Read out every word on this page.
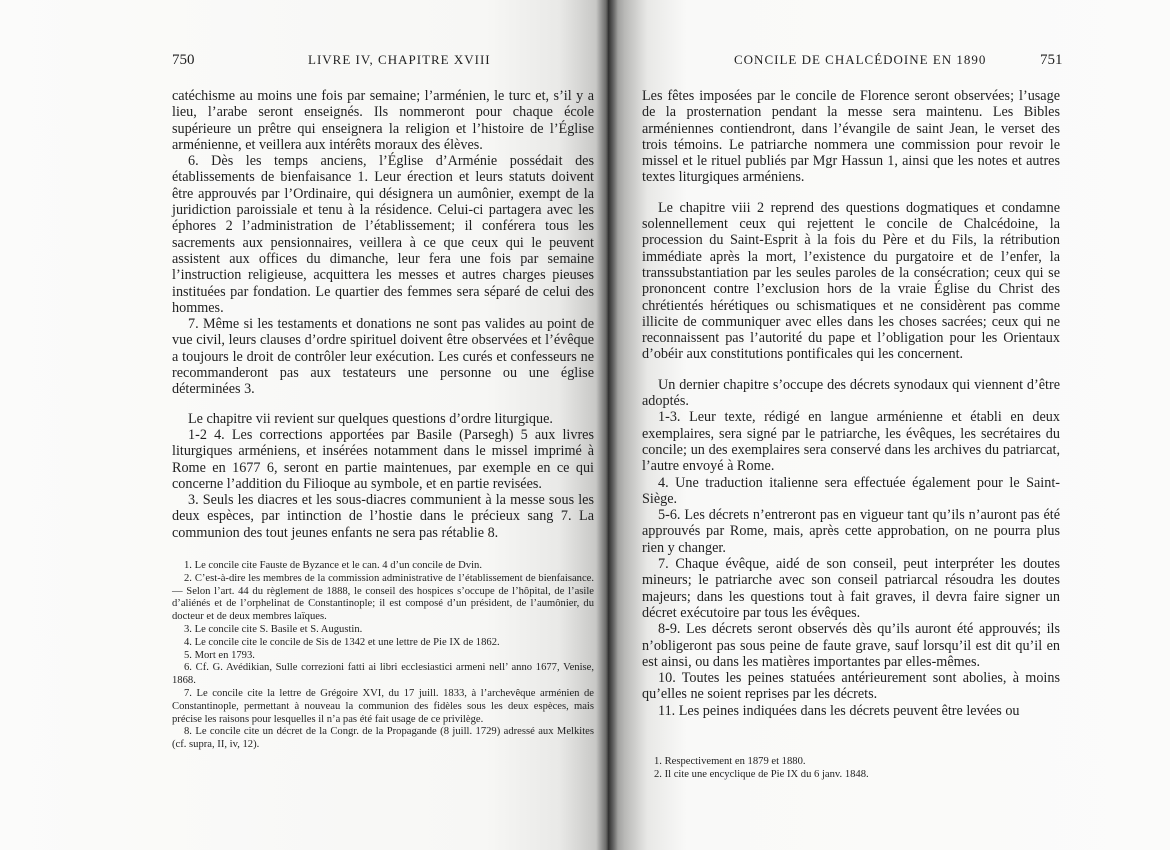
750	LIVRE IV, CHAPITRE XVIII

catéchisme au moins une fois par semaine; l’arménien, le turc et, s’il y a lieu, l’arabe seront enseignés. Ils nommeront pour chaque école supérieure un prêtre qui enseignera la religion et l’histoire de l’Église arménienne, et veillera aux intérêts moraux des élèves.

6. Dès les temps anciens, l’Église d’Arménie possédait des établissements de bienfaisance 1. Leur érection et leurs statuts doivent être approuvés par l’Ordinaire, qui désignera un aumônier, exempt de la juridiction paroissiale et tenu à la résidence. Celui-ci partagera avec les éphores 2 l’administration de l’établissement; il conférera tous les sacrements aux pensionnaires, veillera à ce que ceux qui le peuvent assistent aux offices du dimanche, leur fera une fois par semaine l’instruction religieuse, acquittera les messes et autres charges pieuses instituées par fondation. Le quartier des femmes sera séparé de celui des hommes.

7. Même si les testaments et donations ne sont pas valides au point de vue civil, leurs clauses d’ordre spirituel doivent être observées et l’évêque a toujours le droit de contrôler leur exécution. Les curés et confesseurs ne recommanderont pas aux testateurs une personne ou une église déterminées 3.

Le chapitre vii revient sur quelques questions d’ordre liturgique.

1-2 4. Les corrections apportées par Basile (Parsegh) 5 aux livres liturgiques arméniens, et insérées notamment dans le missel imprimé à Rome en 1677 6, seront en partie maintenues, par exemple en ce qui concerne l’addition du Filioque au symbole, et en partie revisées.

3. Seuls les diacres et les sous-diacres communient à la messe sous les deux espèces, par intinction de l’hostie dans le précieux sang 7. La communion des tout jeunes enfants ne sera pas rétablie 8.

1. Le concile cite Fauste de Byzance et le can. 4 d’un concile de Dvin.

2. C’est-à-dire les membres de la commission administrative de l’établissement de bienfaisance. — Selon l’art. 44 du règlement de 1888, le conseil des hospices s’occupe de l’hôpital, de l’asile d’aliénés et de l’orphelinat de Constantinople; il est composé d’un président, de l’aumônier, du docteur et de deux membres laïques.

3. Le concile cite S. Basile et S. Augustin.

4. Le concile cite le concile de Sis de 1342 et une lettre de Pie IX de 1862.

5. Mort en 1793.

6. Cf. G. Avédikian, Sulle correzioni fatti ai libri ecclesiastici armeni nell’ anno 1677, Venise, 1868.

7. Le concile cite la lettre de Grégoire XVI, du 17 juill. 1833, à l’archevêque arménien de Constantinople, permettant à nouveau la communion des fidèles sous les deux espèces, mais précise les raisons pour lesquelles il n’a pas été fait usage de ce privilège.

8. Le concile cite un décret de la Congr. de la Propagande (8 juill. 1729) adressé aux Melkites (cf. supra, II, iv, 12).

CONCILE DE CHALCÉDOINE EN 1890	751

Les fêtes imposées par le concile de Florence seront observées; l’usage de la prosternation pendant la messe sera maintenu. Les Bibles arméniennes contiendront, dans l’évangile de saint Jean, le verset des trois témoins. Le patriarche nommera une commission pour revoir le missel et le rituel publiés par Mgr Hassun 1, ainsi que les notes et autres textes liturgiques arméniens.

Le chapitre viii 2 reprend des questions dogmatiques et condamne solennellement ceux qui rejettent le concile de Chalcédoine, la procession du Saint-Esprit à la fois du Père et du Fils, la rétribution immédiate après la mort, l’existence du purgatoire et de l’enfer, la transsubstantiation par les seules paroles de la consécration; ceux qui se prononcent contre l’exclusion hors de la vraie Église du Christ des chrétientés hérétiques ou schismatiques et ne considèrent pas comme illicite de communiquer avec elles dans les choses sacrées; ceux qui ne reconnaissent pas l’autorité du pape et l’obligation pour les Orientaux d’obéir aux constitutions pontificales qui les concernent.

Un dernier chapitre s’occupe des décrets synodaux qui viennent d’être adoptés.

1-3. Leur texte, rédigé en langue arménienne et établi en deux exemplaires, sera signé par le patriarche, les évêques, les secrétaires du concile; un des exemplaires sera conservé dans les archives du patriarcat, l’autre envoyé à Rome.

4. Une traduction italienne sera effectuée également pour le Saint-Siège.

5-6. Les décrets n’entreront pas en vigueur tant qu’ils n’auront pas été approuvés par Rome, mais, après cette approbation, on ne pourra plus rien y changer.

7. Chaque évêque, aidé de son conseil, peut interpréter les doutes mineurs; le patriarche avec son conseil patriarcal résoudra les doutes majeurs; dans les questions tout à fait graves, il devra faire signer un décret exécutoire par tous les évêques.

8-9. Les décrets seront observés dès qu’ils auront été approuvés; ils n’obligeront pas sous peine de faute grave, sauf lorsqu’il est dit qu’il en est ainsi, ou dans les matières importantes par elles-mêmes.

10. Toutes les peines statuées antérieurement sont abolies, à moins qu’elles ne soient reprises par les décrets.

11. Les peines indiquées dans les décrets peuvent être levées ou

1. Respectivement en 1879 et 1880.

2. Il cite une encyclique de Pie IX du 6 janv. 1848.
